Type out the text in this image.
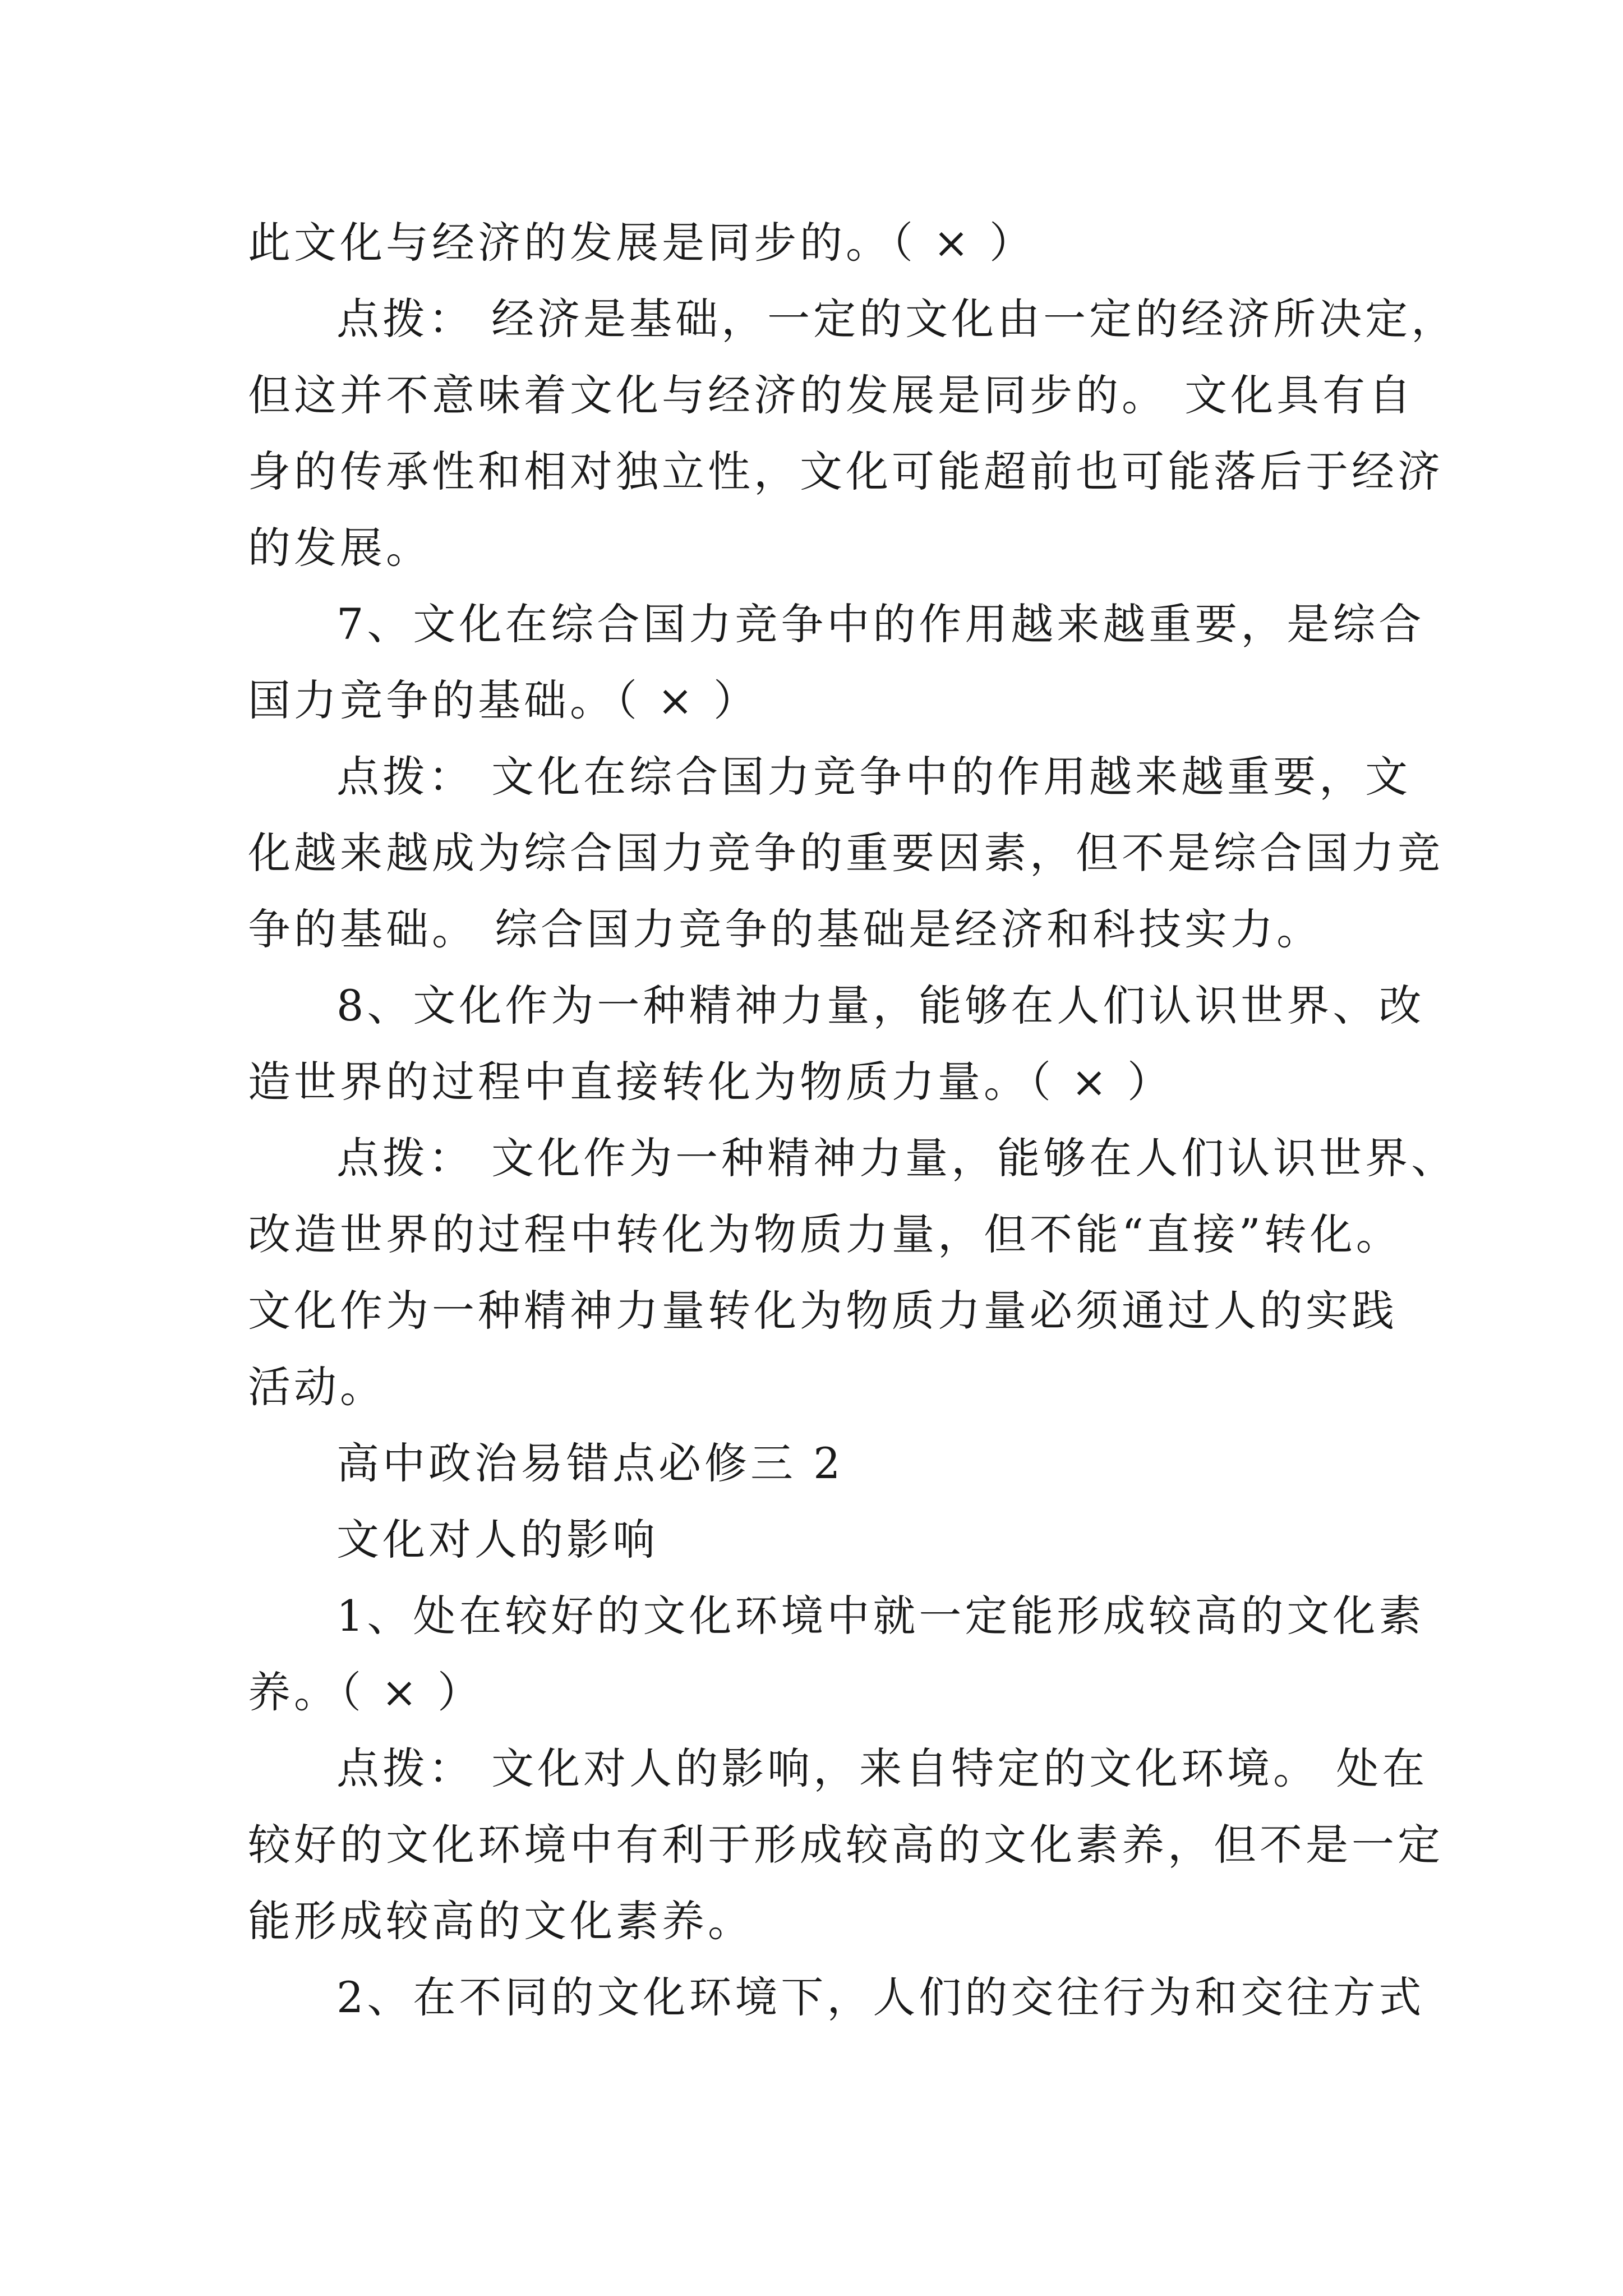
此文化与经济的发展是同步的。（ × ）
点拨： 经济是基础，一定的文化由一定的经济所决定，
但这并不意味着文化与经济的发展是同步的。 文化具有自
身的传承性和相对独立性，文化可能超前也可能落后于经济
的发展。
7、文化在综合国力竞争中的作用越来越重要，是综合
国力竞争的基础。（ × ）
点拨： 文化在综合国力竞争中的作用越来越重要，文
化越来越成为综合国力竞争的重要因素，但不是综合国力竞
争的基础。 综合国力竞争的基础是经济和科技实力。
8、文化作为一种精神力量，能够在人们认识世界、改
造世界的过程中直接转化为物质力量。（ × ）
点拨： 文化作为一种精神力量，能够在人们认识世界、
改造世界的过程中转化为物质力量，但不能“直接”转化。
文化作为一种精神力量转化为物质力量必须通过人的实践
活动。
高中政治易错点必修三 2
文化对人的影响
1、处在较好的文化环境中就一定能形成较高的文化素
养。（ × ）
点拨： 文化对人的影响，来自特定的文化环境。 处在
较好的文化环境中有利于形成较高的文化素养，但不是一定
能形成较高的文化素养。
2、在不同的文化环境下，人们的交往行为和交往方式
